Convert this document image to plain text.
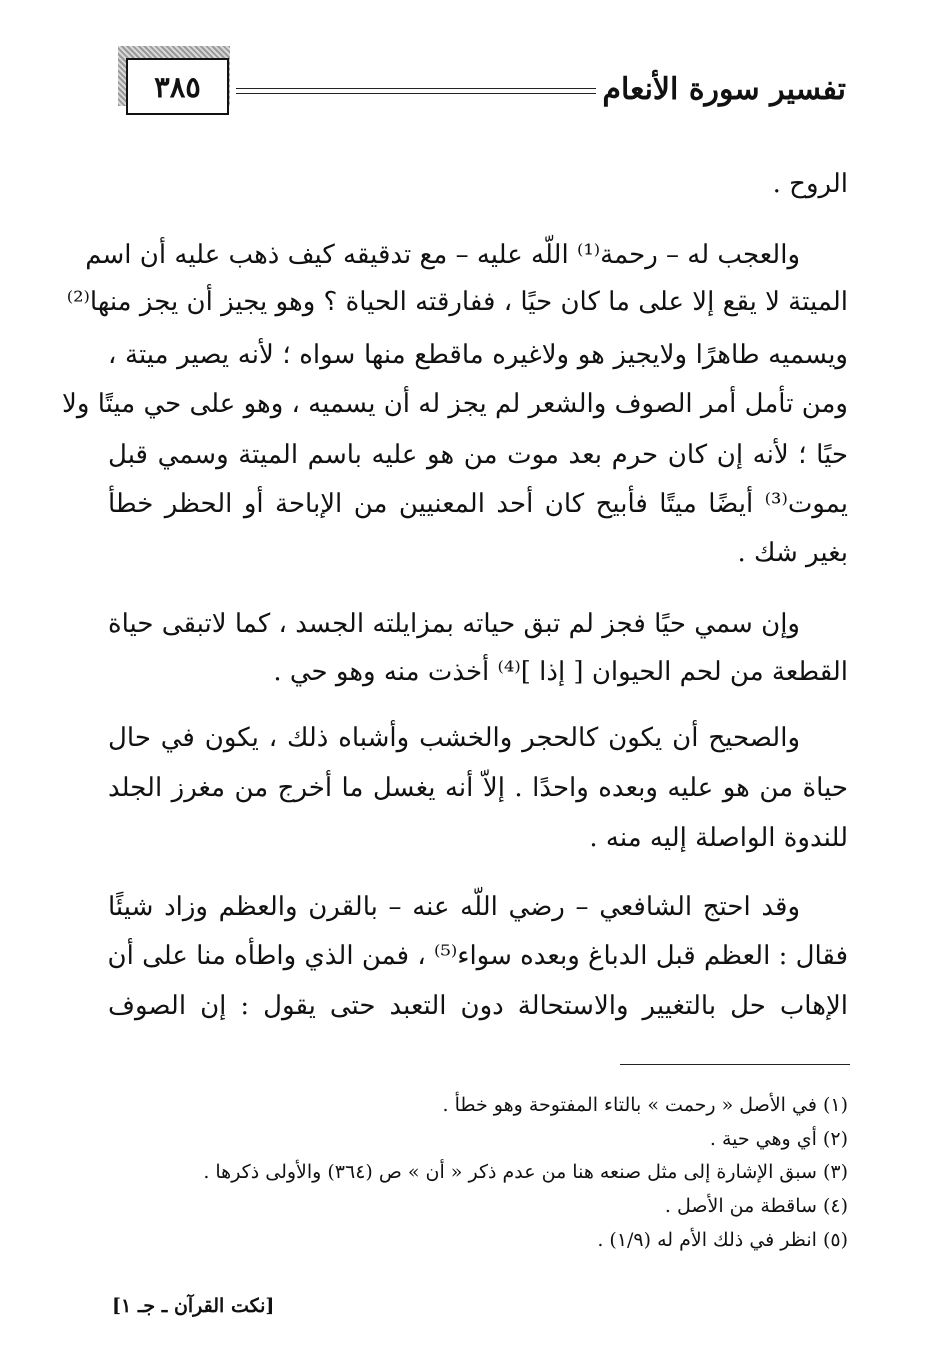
٣٨٥	تفسير سورة الأنعام
الروح .
والعجب له – رحمة⁽¹⁾ اللّه عليه – مع تدقيقه كيف ذهب عليه أن اسم
الميتة لا يقع إلا على ما كان حيًا ، ففارقته الحياة ؟ وهو يجيز أن يجز منها⁽²⁾
ويسميه طاهرًا ولايجيز هو ولاغيره ماقطع منها سواه ؛ لأنه يصير ميتة ،
ومن تأمل أمر الصوف والشعر لم يجز له أن يسميه ، وهو على حي ميتًا ولا
حيًا ؛ لأنه إن كان حرم بعد موت من هو عليه باسم الميتة وسمي قبل
يموت⁽³⁾ أيضًا ميتًا فأبيح كان أحد المعنيين من الإباحة أو الحظر خطأ
بغير شك .
وإن سمي حيًا فجز لم تبق حياته بمزايلته الجسد ، كما لاتبقى حياة
القطعة من لحم الحيوان [ إذا ]⁽⁴⁾ أخذت منه وهو حي .
والصحيح أن يكون كالحجر والخشب وأشباه ذلك ، يكون في حال
حياة من هو عليه وبعده واحدًا . إلاّ أنه يغسل ما أخرج من مغرز الجلد
للندوة الواصلة إليه منه .
وقد احتج الشافعي – رضي اللّه عنه – بالقرن والعظم وزاد شيئًا
فقال : العظم قبل الدباغ وبعده سواء⁽⁵⁾ ، فمن الذي واطأه منا على أن
الإهاب حل بالتغيير والاستحالة دون التعبد حتى يقول : إن الصوف
(١) في الأصل « رحمت » بالتاء المفتوحة وهو خطأ .
(٢) أي وهي حية .
(٣) سبق الإشارة إلى مثل صنعه هنا من عدم ذكر « أن » ص (٣٦٤) والأولى ذكرها .
(٤) ساقطة من الأصل .
(٥) انظر في ذلك الأم له (١/٩) .
[نكت القرآن ـ جـ ١]
